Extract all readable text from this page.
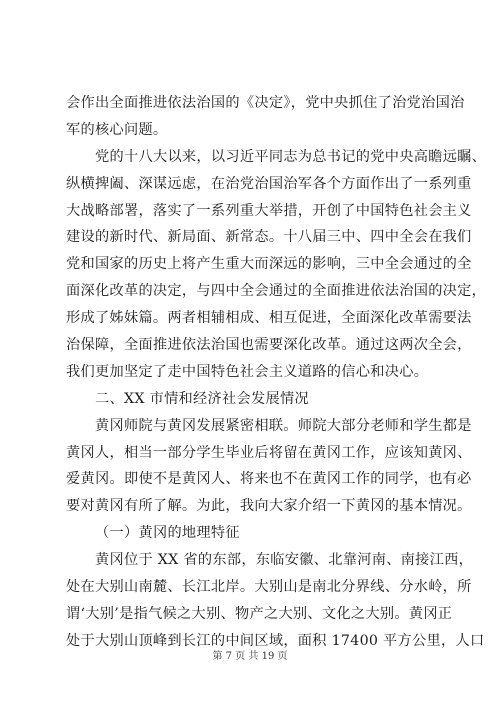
会作出全面推进依法治国的《决定》，党中央抓住了治党治国治
军的核心问题。
党的十八大以来，以习近平同志为总书记的党中央高瞻远瞩、
纵横捭阖、深谋远虑，在治党治国治军各个方面作出了一系列重
大战略部署，落实了一系列重大举措，开创了中国特色社会主义
建设的新时代、新局面、新常态。十八届三中、四中全会在我们
党和国家的历史上将产生重大而深远的影响，三中全会通过的全
面深化改革的决定，与四中全会通过的全面推进依法治国的决定，
形成了姊妹篇。两者相辅相成、相互促进，全面深化改革需要法
治保障，全面推进依法治国也需要深化改革。通过这两次全会，
我们更加坚定了走中国特色社会主义道路的信心和决心。
二、XX 市情和经济社会发展情况
黄冈师院与黄冈发展紧密相联。师院大部分老师和学生都是
黄冈人，相当一部分学生毕业后将留在黄冈工作，应该知黄冈、
爱黄冈。即使不是黄冈人、将来也不在黄冈工作的同学，也有必
要对黄冈有所了解。为此，我向大家介绍一下黄冈的基本情况。
（一）黄冈的地理特征
黄冈位于 XX 省的东部，东临安徽、北靠河南、南接江西，
处在大别山南麓、长江北岸。大别山是南北分界线、分水岭，所
谓‘大别’是指气候之大别、物产之大别、文化之大别。黄冈正
处于大别山顶峰到长江的中间区域，面积 17400 平方公里，人口
第 7 页 共 19 页
